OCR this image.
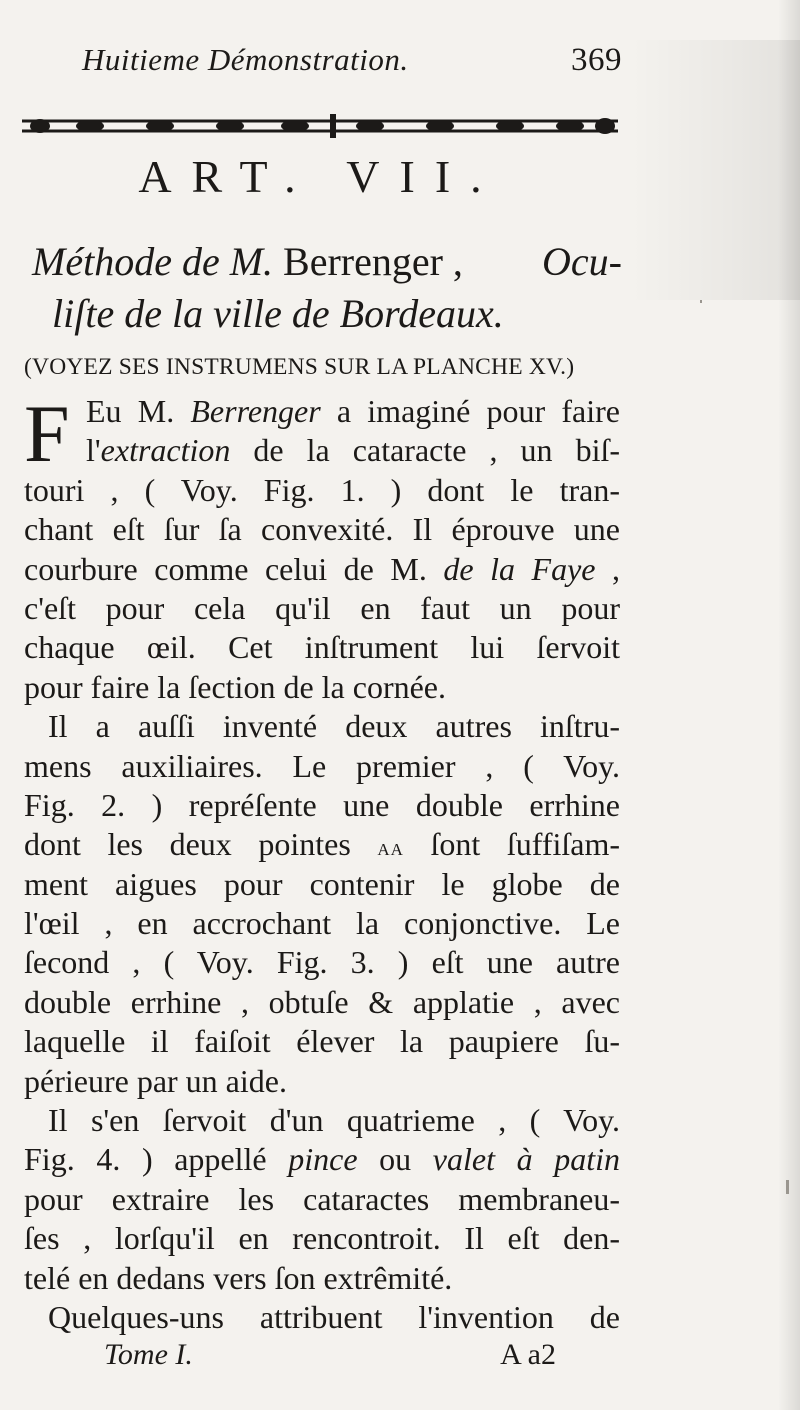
Huitieme Démonstration.	369
ART. VII.
Méthode de M. Berrenger , Ocu-
liſte de la ville de Bordeaux.
(VOYEZ SES INSTRUMENS SUR LA PLANCHE XV.)
F Eu M. Berrenger a imaginé pour faire
l'extraction de la cataracte , un biſ-
touri , ( Voy. Fig. 1. ) dont le tran-
chant eſt ſur ſa convexité. Il éprouve une
courbure comme celui de M. de la Faye ,
c'eſt pour cela qu'il en faut un pour
chaque œil. Cet inſtrument lui ſervoit
pour faire la ſection de la cornée.
Il a auſſi inventé deux autres inſtru-
mens auxiliaires. Le premier , ( Voy.
Fig. 2. ) repréſente une double errhine
dont les deux pointes aa ſont ſuffiſam-
ment aigues pour contenir le globe de
l'œil , en accrochant la conjonctive. Le
ſecond , ( Voy. Fig. 3. ) eſt une autre
double errhine , obtuſe & applatie , avec
laquelle il faiſoit élever la paupiere ſu-
périeure par un aide.
Il s'en ſervoit d'un quatrieme , ( Voy.
Fig. 4. ) appellé pince ou valet à patin
pour extraire les cataractes membraneu-
ſes , lorſqu'il en rencontroit. Il eſt den-
telé en dedans vers ſon extrêmité.
Quelques-uns attribuent l'invention de
Tome I.	A a2
